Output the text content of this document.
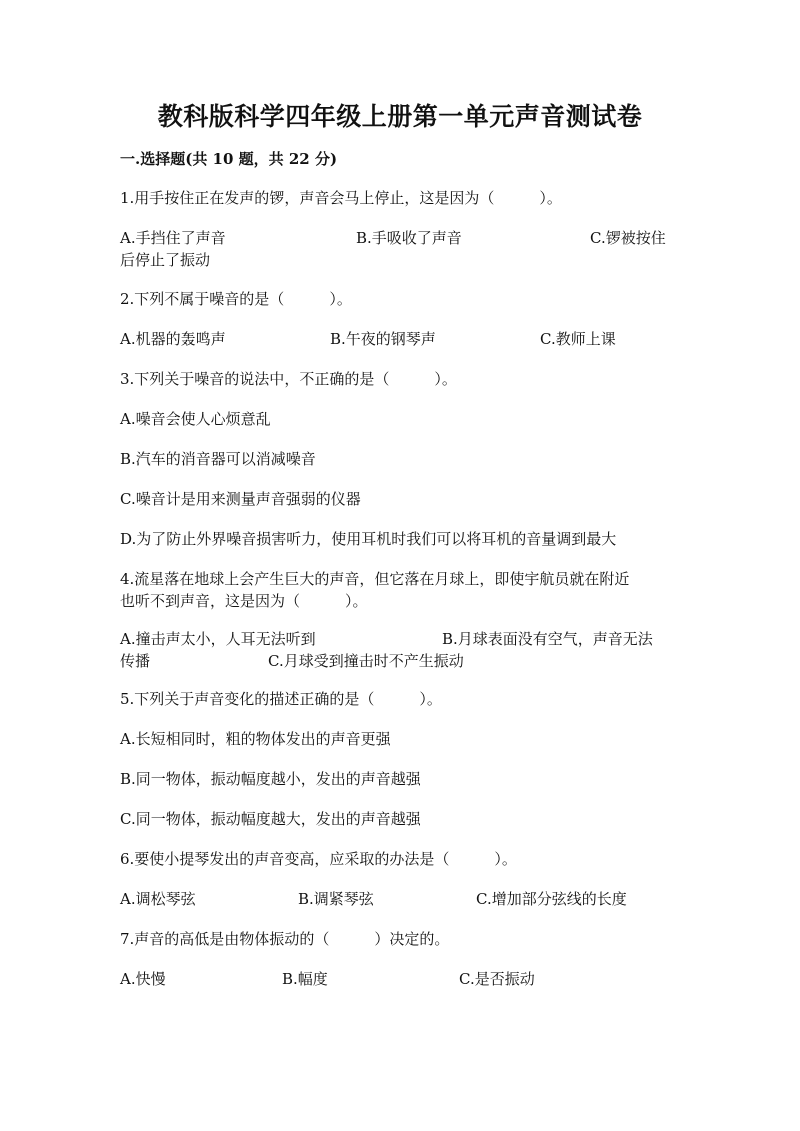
教科版科学四年级上册第一单元声音测试卷
一.选择题(共 10 题，共 22 分)
1.用手按住正在发声的锣，声音会马上停止，这是因为（　　　）。
A.手挡住了声音	B.手吸收了声音	C.锣被按住
后停止了振动
2.下列不属于噪音的是（　　　）。
A.机器的轰鸣声	B.午夜的钢琴声	C.教师上课
3.下列关于噪音的说法中，不正确的是（　　　）。
A.噪音会使人心烦意乱
B.汽车的消音器可以消减噪音
C.噪音计是用来测量声音强弱的仪器
D.为了防止外界噪音损害听力，使用耳机时我们可以将耳机的音量调到最大
4.流星落在地球上会产生巨大的声音，但它落在月球上，即使宇航员就在附近
也听不到声音，这是因为（　　　）。
A.撞击声太小，人耳无法听到	B.月球表面没有空气，声音无法
传播	C.月球受到撞击时不产生振动
5.下列关于声音变化的描述正确的是（　　　）。
A.长短相同时，粗的物体发出的声音更强
B.同一物体，振动幅度越小，发出的声音越强
C.同一物体，振动幅度越大，发出的声音越强
6.要使小提琴发出的声音变高，应采取的办法是（　　　）。
A.调松琴弦	B.调紧琴弦	C.增加部分弦线的长度
7.声音的高低是由物体振动的（　　　）决定的。
A.快慢	B.幅度	C.是否振动
